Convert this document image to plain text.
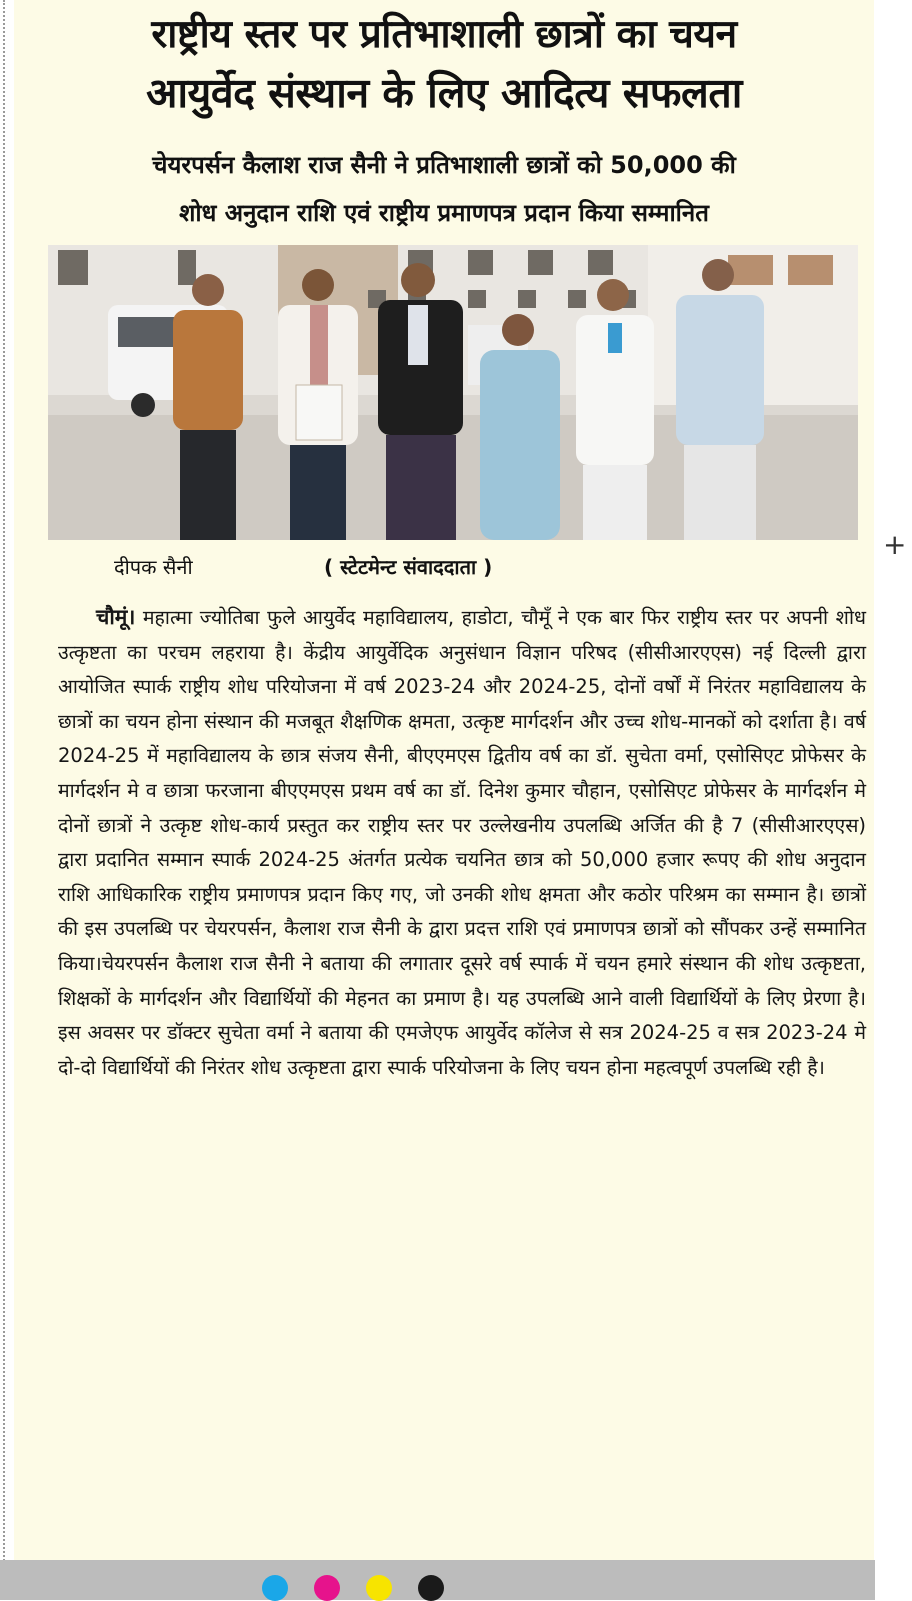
राष्ट्रीय स्तर पर प्रतिभाशाली छात्रों का चयन
आयुर्वेद संस्थान के लिए आदित्य सफलता
चेयरपर्सन कैलाश राज सैनी ने प्रतिभाशाली छात्रों को 50,000 की
शोध अनुदान राशि एवं राष्ट्रीय प्रमाणपत्र प्रदान किया सम्मानित
दीपक सैनी	( स्टेटमेन्ट संवाददाता )

चौमूं। महात्मा ज्योतिबा फुले आयुर्वेद महाविद्यालय, हाडोटा, चौमूँ ने एक बार फिर राष्ट्रीय स्तर पर अपनी शोध उत्कृष्टता का परचम लहराया है। केंद्रीय आयुर्वेदिक अनुसंधान विज्ञान परिषद (सीसीआरएएस) नई दिल्ली द्वारा आयोजित स्पार्क राष्ट्रीय शोध परियोजना में वर्ष 2023-24 और 2024-25, दोनों वर्षों में निरंतर महाविद्यालय के छात्रों का चयन होना संस्थान की मजबूत शैक्षणिक क्षमता, उत्कृष्ट मार्गदर्शन और उच्च शोध-मानकों को दर्शाता है। वर्ष 2024-25 में महाविद्यालय के छात्र संजय सैनी, बीएएमएस द्वितीय वर्ष का डॉ. सुचेता वर्मा, एसोसिएट प्रोफेसर के मार्गदर्शन मे व छात्रा फरजाना बीएएमएस प्रथम वर्ष का डॉ. दिनेश कुमार चौहान, एसोसिएट प्रोफेसर के मार्गदर्शन मे दोनों छात्रों ने उत्कृष्ट शोध-कार्य प्रस्तुत कर राष्ट्रीय स्तर पर उल्लेखनीय उपलब्धि अर्जित की है 7 (सीसीआरएएस) द्वारा प्रदानित सम्मान स्पार्क 2024-25 अंतर्गत प्रत्येक चयनित छात्र को 50,000 हजार रूपए की शोध अनुदान राशि आधिकारिक राष्ट्रीय प्रमाणपत्र प्रदान किए गए, जो उनकी शोध क्षमता और कठोर परिश्रम का सम्मान है। छात्रों की इस उपलब्धि पर चेयरपर्सन, कैलाश राज सैनी के द्वारा प्रदत्त राशि एवं प्रमाणपत्र छात्रों को सौंपकर उन्हें सम्मानित किया।चेयरपर्सन कैलाश राज सैनी ने बताया की लगातार दूसरे वर्ष स्पार्क में चयन हमारे संस्थान की शोध उत्कृष्टता, शिक्षकों के मार्गदर्शन और विद्यार्थियों की मेहनत का प्रमाण है। यह उपलब्धि आने वाली विद्यार्थियों के लिए प्रेरणा है। इस अवसर पर डॉक्टर सुचेता वर्मा ने बताया की एमजेएफ आयुर्वेद कॉलेज से सत्र 2024-25 व सत्र 2023-24 मे दो-दो विद्यार्थियों की निरंतर शोध उत्कृष्टता द्वारा स्पार्क परियोजना के लिए चयन होना महत्वपूर्ण उपलब्धि रही है।

+
